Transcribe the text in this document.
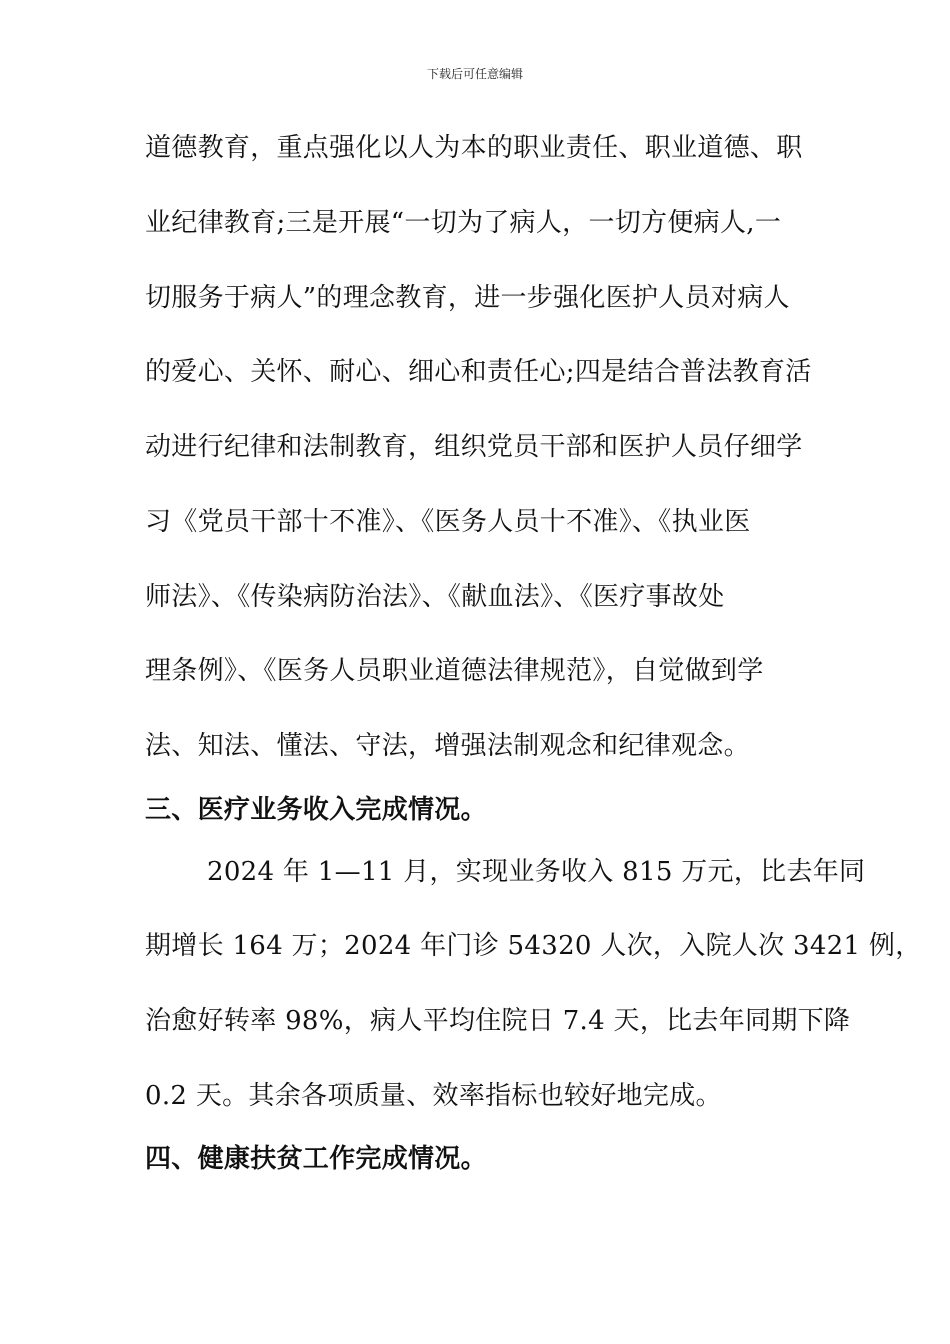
下载后可任意编辑
道德教育，重点强化以人为本的职业责任、职业道德、职
业纪律教育;三是开展“一切为了病人，一切方便病人,一
切服务于病人”的理念教育，进一步强化医护人员对病人
的爱心、关怀、耐心、细心和责任心;四是结合普法教育活
动进行纪律和法制教育，组织党员干部和医护人员仔细学
习《党员干部十不准》、《医务人员十不准》、《执业医
师法》、《传染病防治法》、《献血法》、《医疗事故处
理条例》、《医务人员职业道德法律规范》，自觉做到学
法、知法、懂法、守法，增强法制观念和纪律观念。
三、医疗业务收入完成情况。
2024 年 1—11 月，实现业务收入 815 万元，比去年同
期增长 164 万；2024 年门诊 54320 人次，入院人次 3421 例，
治愈好转率 98%，病人平均住院日 7.4 天，比去年同期下降
0.2 天。其余各项质量、效率指标也较好地完成。
四、健康扶贫工作完成情况。
